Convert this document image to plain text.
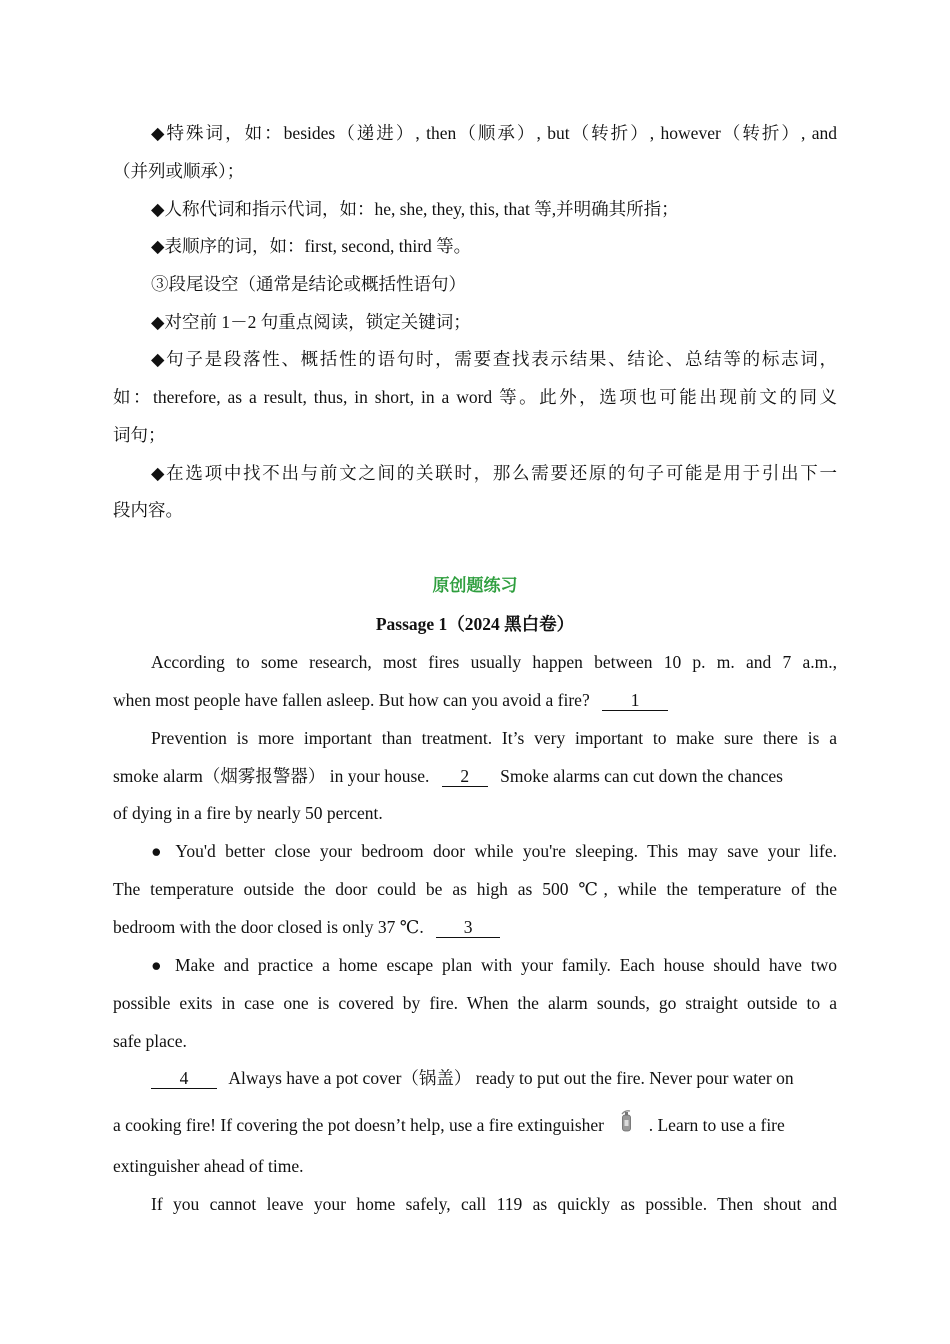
◆特殊词，如：besides（递进）, then（顺承）, but（转折）, however（转折）, and
（并列或顺承）；
◆人称代词和指示代词，如：he, she, they, this, that 等,并明确其所指；
◆表顺序的词，如：first, second, third 等。
③段尾设空（通常是结论或概括性语句）
◆对空前 1－2 句重点阅读，锁定关键词；
◆句子是段落性、概括性的语句时，需要查找表示结果、结论、总结等的标志词，
如：therefore, as a result, thus, in short, in a word 等。此外，选项也可能出现前文的同义
词句；
◆在选项中找不出与前文之间的关联时，那么需要还原的句子可能是用于引出下一
段内容。
原创题练习
Passage 1（2024 黑白卷）
According to some research, most fires usually happen between 10 p. m. and 7 a.m.,
when most people have fallen asleep. But how can you avoid a fire? 1
Prevention is more important than treatment. It’s very important to make sure there is a
smoke alarm（烟雾报警器） in your house. 2 Smoke alarms can cut down the chances
of dying in a fire by nearly 50 percent.
● You'd better close your bedroom door while you're sleeping. This may save your life.
The temperature outside the door could be as high as 500 ℃, while the temperature of the
bedroom with the door closed is only 37 ℃. 3
● Make and practice a home escape plan with your family. Each house should have two
possible exits in case one is covered by fire. When the alarm sounds, go straight outside to a
safe place.
4 Always have a pot cover（锅盖） ready to put out the fire. Never pour water on
a cooking fire! If covering the pot doesn’t help, use a fire extinguisher	. Learn to use a fire
extinguisher ahead of time.
If you cannot leave your home safely, call 119 as quickly as possible. Then shout and
